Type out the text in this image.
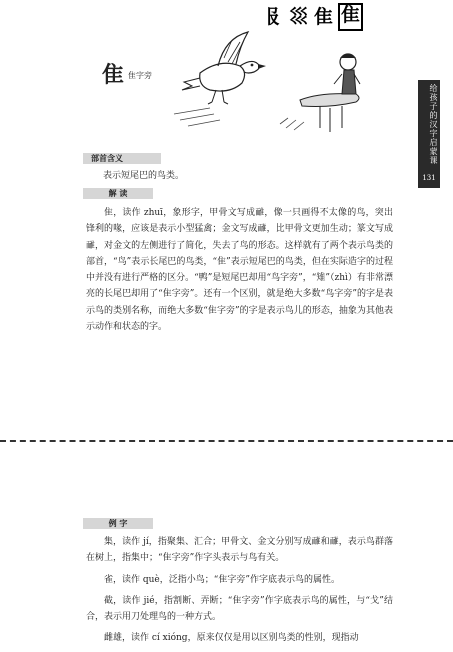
𠬝 𡿭 隹 隹
隹 隹字旁
给孩子的汉字启蒙课
131
部首含义

表示短尾巴的鸟类。

解 读

隹，读作 zhuī，象形字，甲骨文写成𨾿，像一只画得不太像的鸟，突出锋利的喙，应该是表示小型猛禽；金文写成𨾿，比甲骨文更加生动；篆文写成𨾿，对金文的左侧进行了简化，失去了鸟的形态。这样就有了两个表示鸟类的部首，“鸟”表示长尾巴的鸟类，“隹”表示短尾巴的鸟类，但在实际造字的过程中并没有进行严格的区分。“鸭”是短尾巴却用“鸟字旁”，“雉”（zhì）有非常漂亮的长尾巴却用了“隹字旁”。还有一个区别，就是绝大多数“鸟字旁”的字是表示鸟的类别名称，而绝大多数“隹字旁”的字是表示鸟儿的形态，抽象为其他表示动作和状态的字。

例 字

集，读作 jí，指聚集、汇合；甲骨文、金文分别写成𨾿和𨾿，表示鸟群落在树上，指集中；“隹字旁”作字头表示与鸟有关。

雀，读作 què，泛指小鸟；“隹字旁”作字底表示鸟的属性。

截，读作 jié，指割断、弄断；“隹字旁”作字底表示鸟的属性，与“戈”结合，表示用刀处理鸟的一种方式。

雌雄，读作 cí xióng，原来仅仅是用以区别鸟类的性别，现指动
